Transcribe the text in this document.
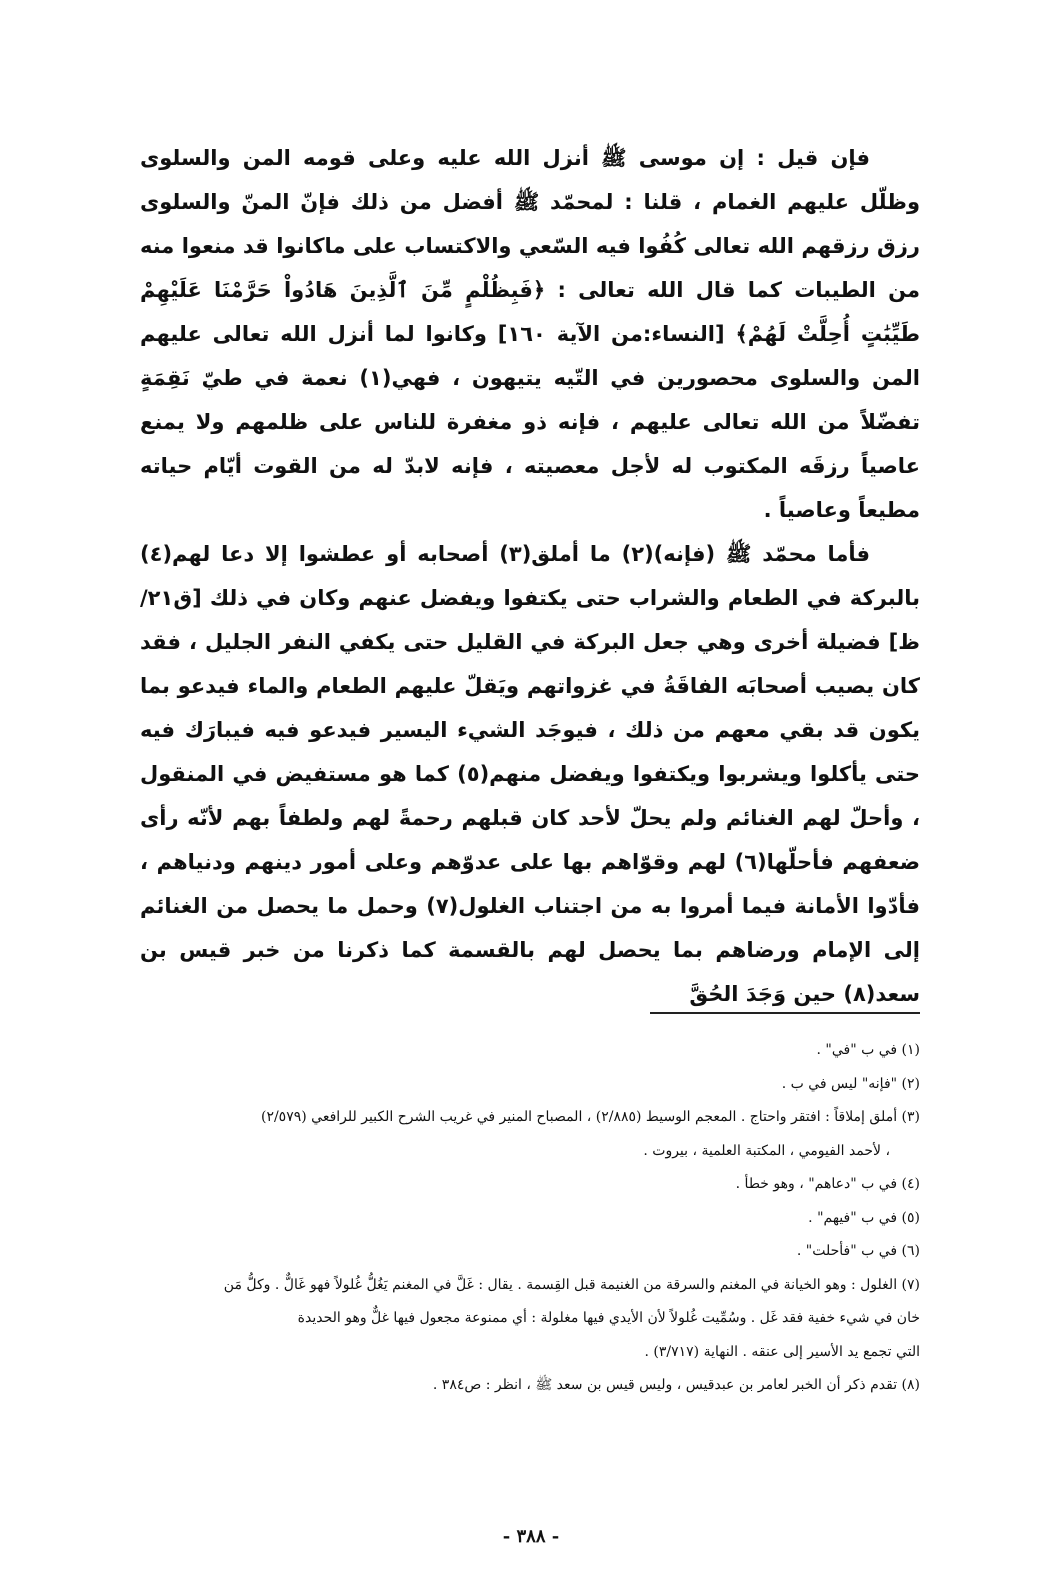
فإن قيل : إن موسى ﷺ أنزل الله عليه وعلى قومه المن والسلوى وظلّل عليهم الغمام ، قلنا : لمحمّد ﷺ أفضل من ذلك فإنّ المنّ والسلوى رزق رزقهم الله تعالى كُفُوا فيه السّعي والاكتساب على ماكانوا قد منعوا منه من الطيبات كما قال الله تعالى : ﴿فَبِظُلْمٍ مِّنَ ٱلَّذِينَ هَادُواْ حَرَّمْنَا عَلَيْهِمْ طَيِّبَٰتٍ أُحِلَّتْ لَهُمْ﴾ [النساء:من الآية ١٦٠] وكانوا لما أنزل الله تعالى عليهم المن والسلوى محصورين في التّيه يتيهون ، فهي(١) نعمة في طيّ نَقِمَةٍ تفضّلاً من الله تعالى عليهم ، فإنه ذو مغفرة للناس على ظلمهم ولا يمنع عاصياً رزقَه المكتوب له لأجل معصيته ، فإنه لابدّ له من القوت أيّام حياته مطيعاً وعاصياً .

فأما محمّد ﷺ (فإنه)(٢) ما أملق(٣) أصحابه أو عطشوا إلا دعا لهم(٤) بالبركة في الطعام والشراب حتى يكتفوا ويفضل عنهم وكان في ذلك [ق٢١/ظ] فضيلة أخرى وهي جعل البركة في القليل حتى يكفي النفر الجليل ، فقد كان يصيب أصحابَه الفاقَةُ في غزواتهم ويَقلّ عليهم الطعام والماء فيدعو بما يكون قد بقي معهم من ذلك ، فيوجَد الشيء اليسير فيدعو فيه فيبارَك فيه حتى يأكلوا ويشربوا ويكتفوا ويفضل منهم(٥) كما هو مستفيض في المنقول ، وأحلّ لهم الغنائم ولم يحلّ لأحد كان قبلهم رحمةً لهم ولطفاً بهم لأنّه رأى ضعفهم فأحلّها(٦) لهم وقوّاهم بها على عدوّهم وعلى أمور دينهم ودنياهم ، فأدّوا الأمانة فيما أمروا به من اجتناب الغلول(٧) وحمل ما يحصل من الغنائم إلى الإمام ورضاهم بما يحصل لهم بالقسمة كما ذكرنا من خبر قيس بن سعد(٨) حين وَجَدَ الحُقَّ

(١) في ب "في" .

(٢) "فإنه" ليس في ب .

(٣) أملق إملاقاً : افتقر واحتاج . المعجم الوسيط (٢/٨٨٥) ، المصباح المنير في غريب الشرح الكبير للرافعي (٢/٥٧٩)

، لأحمد الفيومي ، المكتبة العلمية ، بيروت .

(٤) في ب "دعاهم" ، وهو خطأ .

(٥) في ب "فيهم" .

(٦) في ب "فأحلت" .

(٧) الغلول : وهو الخيانة في المغنم والسرقة من الغنيمة قبل القِسمة . يقال : غَلَّ في المغنم يَغُلُّ غُلولاً فهو غَالٌّ . وكلُّ مَن

خان في شيء خفية فقد غَل . وسُمِّيت غُلولاً لأن الأيدي فيها مغلولة : أي ممنوعة مجعول فيها غلٌّ وهو الحديدة

التي تجمع يد الأسير إلى عنقه . النهاية (٣/٧١٧) .

(٨) تقدم ذكر أن الخبر لعامر بن عبدقيس ، وليس قيس بن سعد ﷺ ، انظر : ص٣٨٤ .

- ٣٨٨ -
